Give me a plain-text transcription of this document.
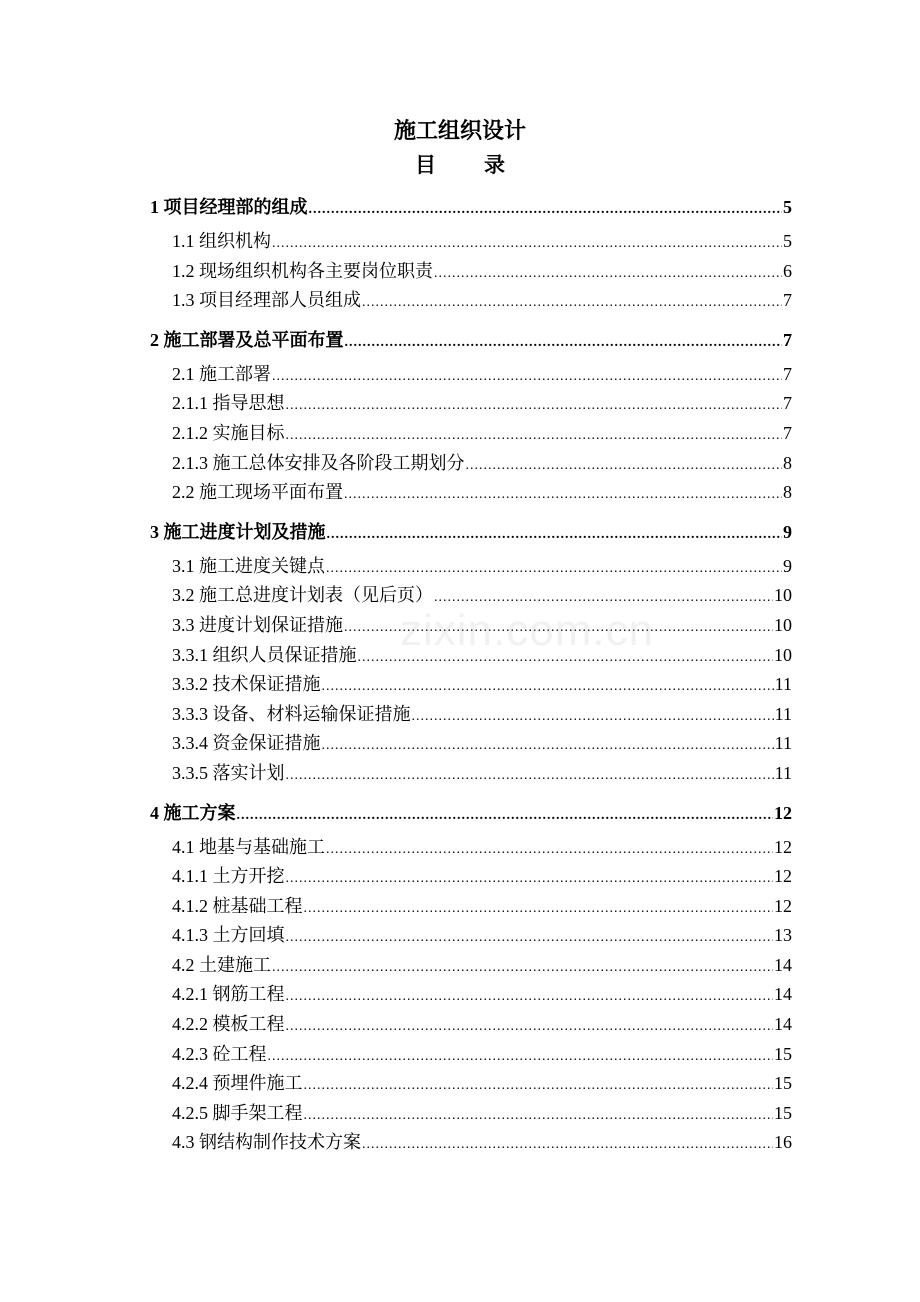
施工组织设计
目 录
1 项目经理部的组成 .....	5
1.1 组织机构 .....	5
1.2 现场组织机构各主要岗位职责 .....	6
1.3 项目经理部人员组成 .....	7
2 施工部署及总平面布置 .....	7
2.1 施工部署 .....	7
2.1.1 指导思想 .....	7
2.1.2 实施目标 .....	7
2.1.3 施工总体安排及各阶段工期划分 .....	8
2.2 施工现场平面布置 .....	8
3 施工进度计划及措施 .....	9
3.1 施工进度关键点 .....	9
3.2 施工总进度计划表（见后页） .....	10
3.3 进度计划保证措施 .....	10
3.3.1 组织人员保证措施 .....	10
3.3.2 技术保证措施 .....	11
3.3.3 设备、材料运输保证措施 .....	11
3.3.4 资金保证措施 .....	11
3.3.5 落实计划 .....	11
4 施工方案 .....	12
4.1 地基与基础施工 .....	12
4.1.1 土方开挖 .....	12
4.1.2 桩基础工程 .....	12
4.1.3 土方回填 .....	13
4.2 土建施工 .....	14
4.2.1 钢筋工程 .....	14
4.2.2 模板工程 .....	14
4.2.3 砼工程 .....	15
4.2.4 预埋件施工 .....	15
4.2.5 脚手架工程 .....	15
4.3 钢结构制作技术方案 .....	16
zixin.com.cn
